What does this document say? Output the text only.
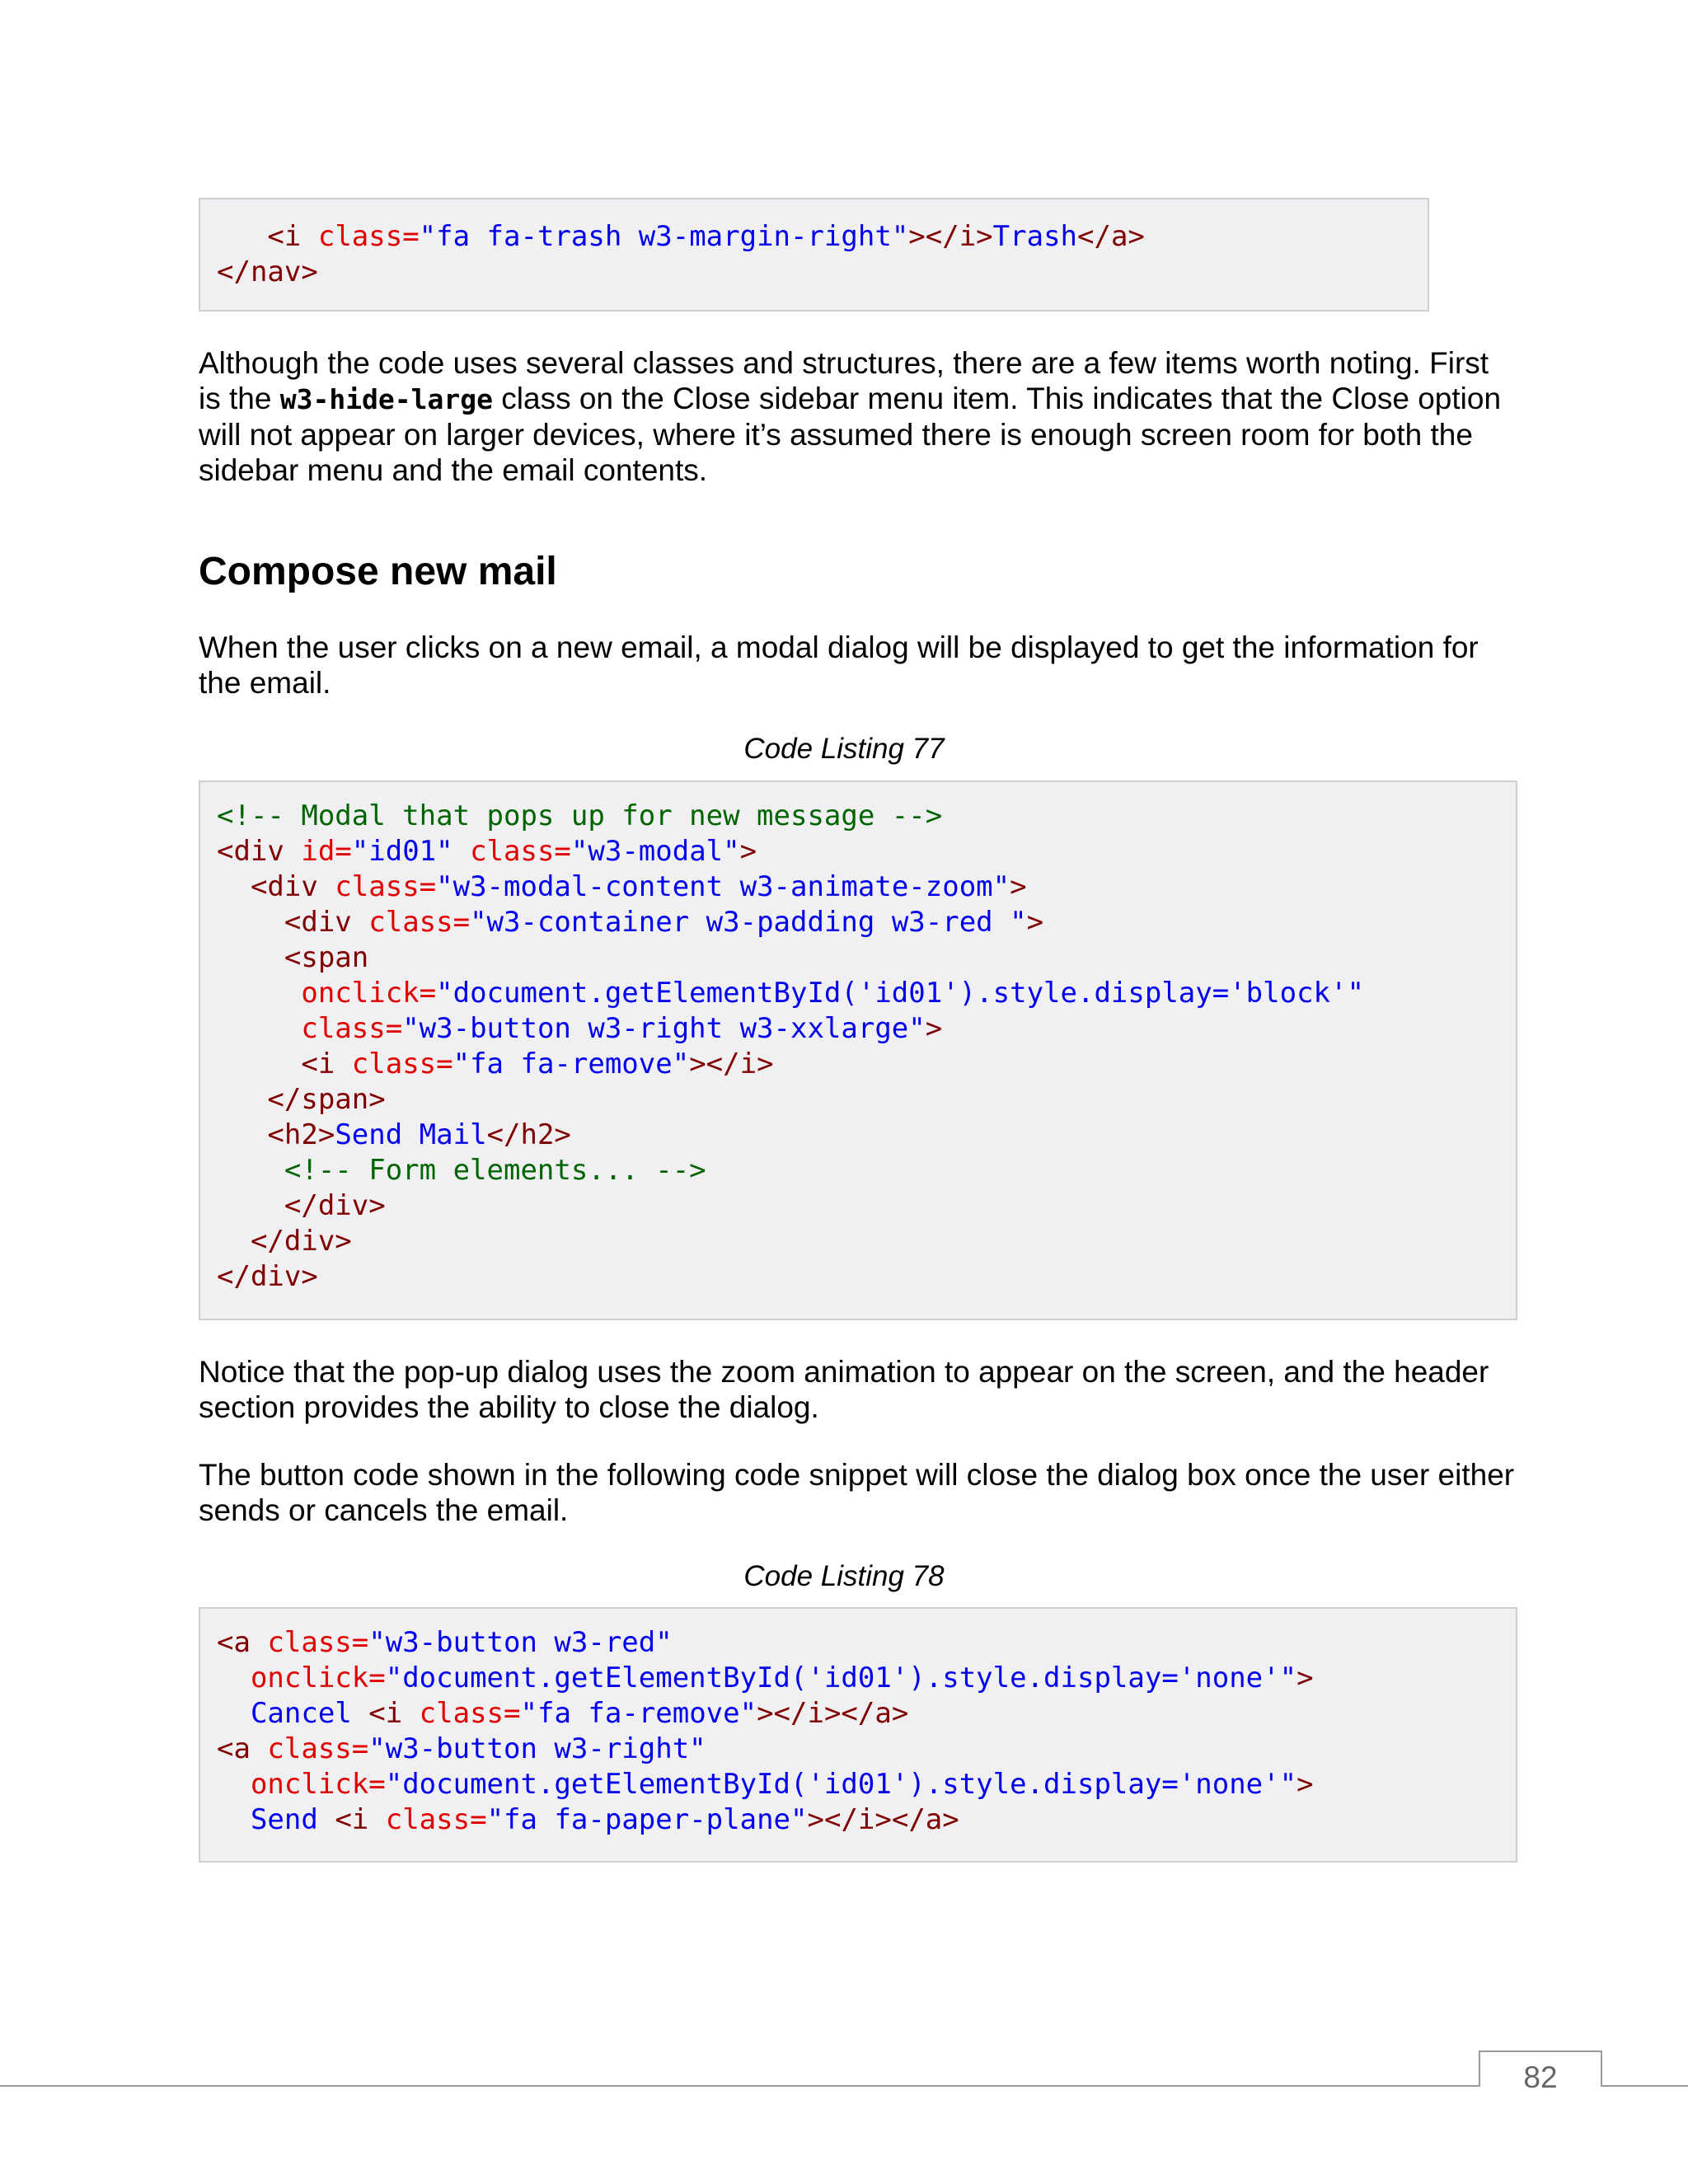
<i class="fa fa-trash w3-margin-right"></i>Trash</a>
</nav>

Although the code uses several classes and structures, there are a few items worth noting. First is the w3-hide-large class on the Close sidebar menu item. This indicates that the Close option will not appear on larger devices, where it’s assumed there is enough screen room for both the sidebar menu and the email contents.

Compose new mail

When the user clicks on a new email, a modal dialog will be displayed to get the information for the email.

Code Listing 77
<!-- Modal that pops up for new message -->
<div id="id01" class="w3-modal">
<div class="w3-modal-content w3-animate-zoom">
<div class="w3-container w3-padding w3-red ">
<span
onclick="document.getElementById('id01').style.display='block'"
class="w3-button w3-right w3-xxlarge">
<i class="fa fa-remove"></i>
</span>
<h2>Send Mail</h2>
<!-- Form elements... -->
</div>
</div>
</div>

Notice that the pop-up dialog uses the zoom animation to appear on the screen, and the header section provides the ability to close the dialog.

The button code shown in the following code snippet will close the dialog box once the user either sends or cancels the email.

Code Listing 78
<a class="w3-button w3-red"
onclick="document.getElementById('id01').style.display='none'">
Cancel <i class="fa fa-remove"></i></a>
<a class="w3-button w3-right"
onclick="document.getElementById('id01').style.display='none'">
Send <i class="fa fa-paper-plane"></i></a>
82
